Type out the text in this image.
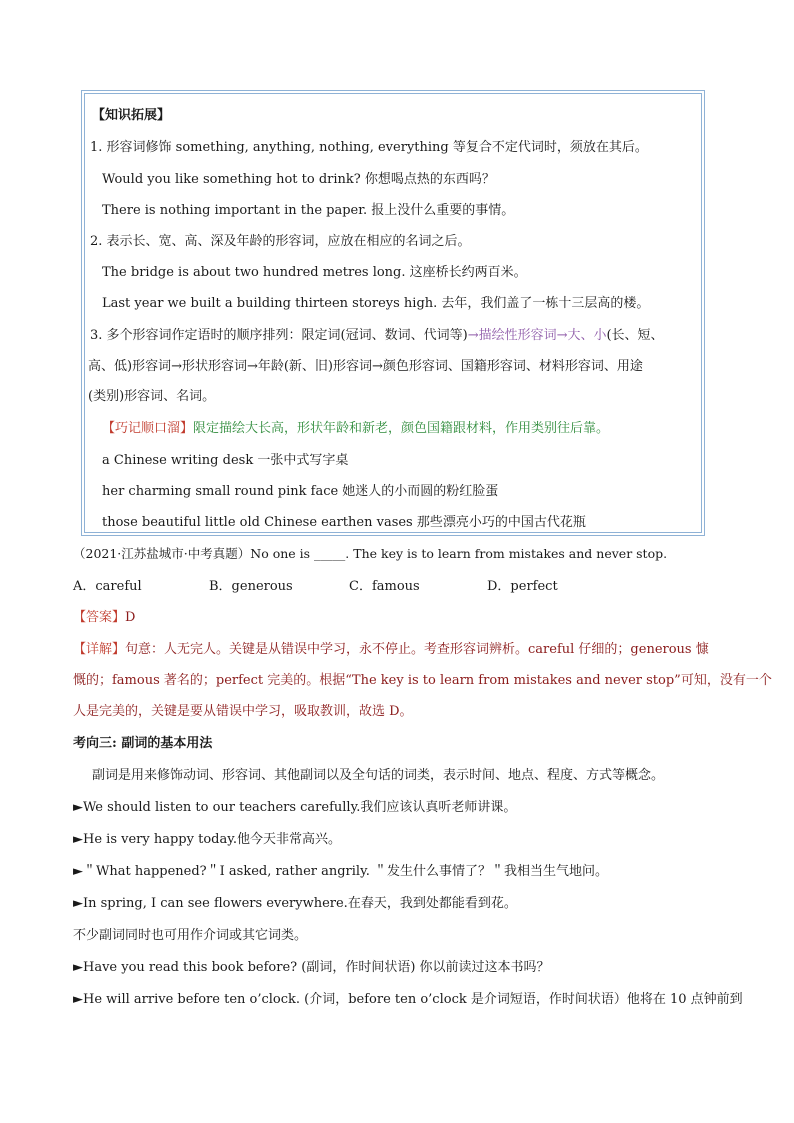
【知识拓展】
1. 形容词修饰 something, anything, nothing, everything 等复合不定代词时，须放在其后。
Would you like something hot to drink? 你想喝点热的东西吗？
There is nothing important in the paper. 报上没什么重要的事情。
2. 表示长、宽、高、深及年龄的形容词，应放在相应的名词之后。
The bridge is about two hundred metres long. 这座桥长约两百米。
Last year we built a building thirteen storeys high. 去年，我们盖了一栋十三层高的楼。
3. 多个形容词作定语时的顺序排列：限定词(冠词、数词、代词等)→描绘性形容词→大、小(长、短、
高、低)形容词→形状形容词→年龄(新、旧)形容词→颜色形容词、国籍形容词、材料形容词、用途
(类别)形容词、名词。
【巧记顺口溜】限定描绘大长高，形状年龄和新老，颜色国籍跟材料，作用类别往后靠。
a Chinese writing desk 一张中式写字桌
her charming small round pink face 她迷人的小而圆的粉红脸蛋
those beautiful little old Chinese earthen vases 那些漂亮小巧的中国古代花瓶
（2021·江苏盐城市·中考真题）No one is _____. The key is to learn from mistakes and never stop.
A．careful	B．generous	C．famous	D．perfect
【答案】D
【详解】句意：人无完人。关键是从错误中学习，永不停止。考查形容词辨析。careful 仔细的；generous 慷
慨的；famous 著名的；perfect 完美的。根据“The key is to learn from mistakes and never stop”可知，没有一个
人是完美的，关键是要从错误中学习，吸取教训，故选 D。
考向三: 副词的基本用法
副词是用来修饰动词、形容词、其他副词以及全句话的词类，表示时间、地点、程度、方式等概念。
►We should listen to our teachers carefully.我们应该认真听老师讲课。
►He is very happy today.他今天非常高兴。
►＂What happened?＂I asked, rather angrily. ＂发生什么事情了？＂我相当生气地问。
►In spring, I can see flowers everywhere.在春天，我到处都能看到花。
不少副词同时也可用作介词或其它词类。
►Have you read this book before? (副词，作时间状语) 你以前读过这本书吗？
►He will arrive before ten o’clock. (介词，before ten o’clock 是介词短语，作时间状语）他将在 10 点钟前到
